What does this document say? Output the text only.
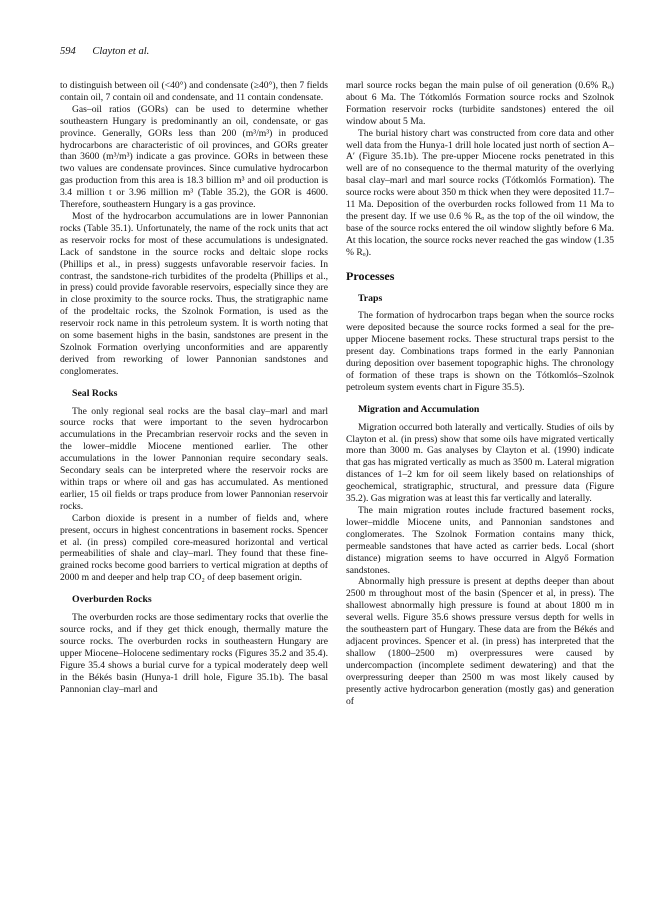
594 Clayton et al.

to distinguish between oil (<40°) and condensate (≥40°), then 7 fields contain oil, 7 contain oil and condensate, and 11 contain condensate.

Gas–oil ratios (GORs) can be used to determine whether southeastern Hungary is predominantly an oil, condensate, or gas province. Generally, GORs less than 200 (m³/m³) in produced hydrocarbons are characteristic of oil provinces, and GORs greater than 3600 (m³/m³) indicate a gas province. GORs in between these two values are condensate provinces. Since cumulative hydrocarbon gas production from this area is 18.3 billion m³ and oil production is 3.4 million t or 3.96 million m³ (Table 35.2), the GOR is 4600. Therefore, southeastern Hungary is a gas province.

Most of the hydrocarbon accumulations are in lower Pannonian rocks (Table 35.1). Unfortunately, the name of the rock units that act as reservoir rocks for most of these accumulations is undesignated. Lack of sandstone in the source rocks and deltaic slope rocks (Phillips et al., in press) suggests unfavorable reservoir facies. In contrast, the sandstone-rich turbidites of the prodelta (Phillips et al., in press) could provide favorable reservoirs, especially since they are in close proximity to the source rocks. Thus, the stratigraphic name of the prodeltaic rocks, the Szolnok Formation, is used as the reservoir rock name in this petroleum system. It is worth noting that on some basement highs in the basin, sandstones are present in the Szolnok Formation overlying unconformities and are apparently derived from reworking of lower Pannonian sandstones and conglomerates.

Seal Rocks

The only regional seal rocks are the basal clay–marl and marl source rocks that were important to the seven hydrocarbon accumulations in the Precambrian reservoir rocks and the seven in the lower–middle Miocene mentioned earlier. The other accumulations in the lower Pannonian require secondary seals. Secondary seals can be interpreted where the reservoir rocks are within traps or where oil and gas has accumulated. As mentioned earlier, 15 oil fields or traps produce from lower Pannonian reservoir rocks.

Carbon dioxide is present in a number of fields and, where present, occurs in highest concentrations in basement rocks. Spencer et al. (in press) compiled core-measured horizontal and vertical permeabilities of shale and clay–marl. They found that these fine-grained rocks become good barriers to vertical migration at depths of 2000 m and deeper and help trap CO₂ of deep basement origin.

Overburden Rocks

The overburden rocks are those sedimentary rocks that overlie the source rocks, and if they get thick enough, thermally mature the source rocks. The overburden rocks in southeastern Hungary are upper Miocene–Holocene sedimentary rocks (Figures 35.2 and 35.4). Figure 35.4 shows a burial curve for a typical moderately deep well in the Békés basin (Hunya-1 drill hole, Figure 35.1b). The basal Pannonian clay–marl and

marl source rocks began the main pulse of oil generation (0.6% Rₒ) about 6 Ma. The Tótkomlós Formation source rocks and Szolnok Formation reservoir rocks (turbidite sandstones) entered the oil window about 5 Ma.

The burial history chart was constructed from core data and other well data from the Hunya-1 drill hole located just north of section A–A′ (Figure 35.1b). The pre-upper Miocene rocks penetrated in this well are of no consequence to the thermal maturity of the overlying basal clay–marl and marl source rocks (Tótkomlós Formation). The source rocks were about 350 m thick when they were deposited 11.7–11 Ma. Deposition of the overburden rocks followed from 11 Ma to the present day. If we use 0.6 % Rₒ as the top of the oil window, the base of the source rocks entered the oil window slightly before 6 Ma. At this location, the source rocks never reached the gas window (1.35 % Rₒ).

Processes
Traps

The formation of hydrocarbon traps began when the source rocks were deposited because the source rocks formed a seal for the pre-upper Miocene basement rocks. These structural traps persist to the present day. Combinations traps formed in the early Pannonian during deposition over basement topographic highs. The chronology of formation of these traps is shown on the Tótkomlós–Szolnok petroleum system events chart in Figure 35.5).

Migration and Accumulation

Migration occurred both laterally and vertically. Studies of oils by Clayton et al. (in press) show that some oils have migrated vertically more than 3000 m. Gas analyses by Clayton et al. (1990) indicate that gas has migrated vertically as much as 3500 m. Lateral migration distances of 1–2 km for oil seem likely based on relationships of geochemical, stratigraphic, structural, and pressure data (Figure 35.2). Gas migration was at least this far vertically and laterally.

The main migration routes include fractured basement rocks, lower–middle Miocene units, and Pannonian sandstones and conglomerates. The Szolnok Formation contains many thick, permeable sandstones that have acted as carrier beds. Local (short distance) migration seems to have occurred in Algyő Formation sandstones.

Abnormally high pressure is present at depths deeper than about 2500 m throughout most of the basin (Spencer et al, in press). The shallowest abnormally high pressure is found at about 1800 m in several wells. Figure 35.6 shows pressure versus depth for wells in the southeastern part of Hungary. These data are from the Békés and adjacent provinces. Spencer et al. (in press) has interpreted that the shallow (1800–2500 m) overpressures were caused by undercompaction (incomplete sediment dewatering) and that the overpressuring deeper than 2500 m was most likely caused by presently active hydrocarbon generation (mostly gas) and generation of
